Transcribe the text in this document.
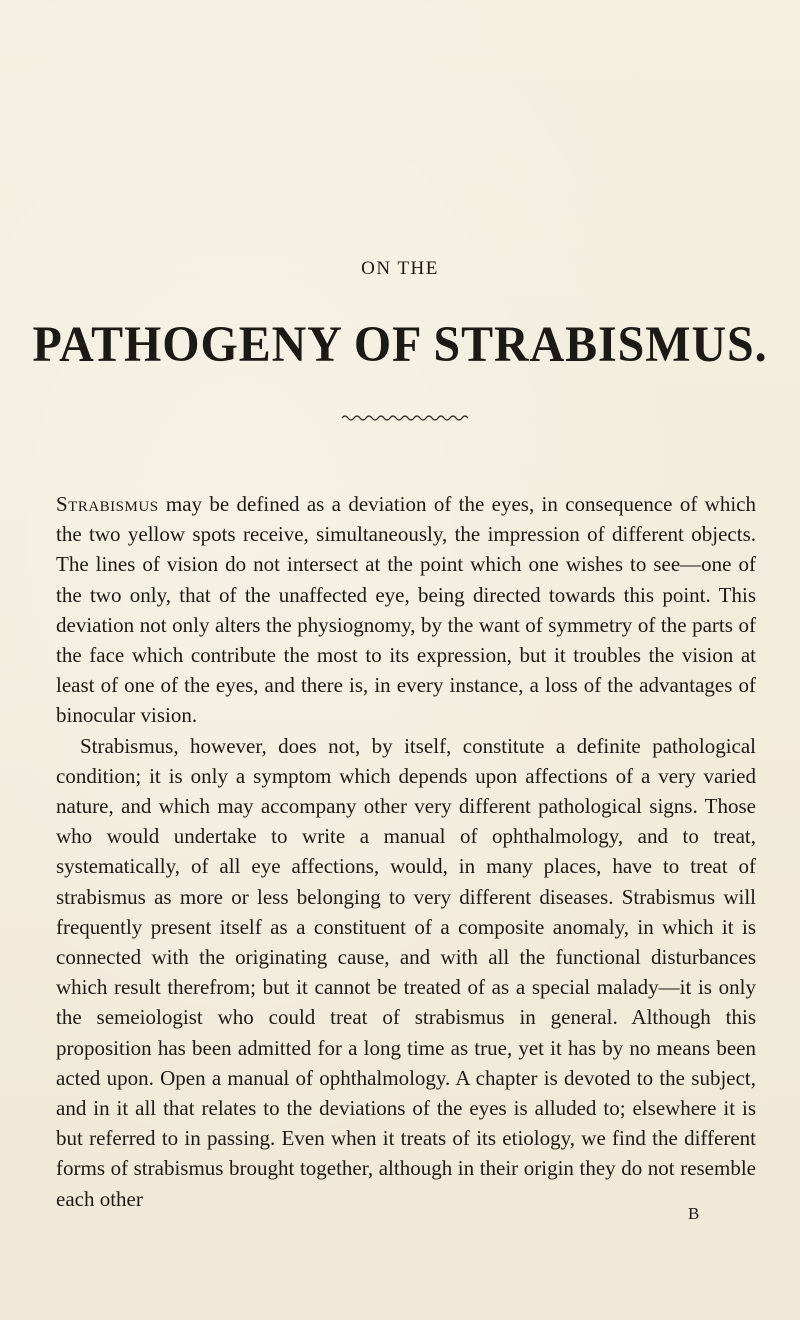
ON THE
PATHOGENY OF STRABISMUS.

Strabismus may be defined as a deviation of the eyes, in consequence of which the two yellow spots receive, simultaneously, the impression of different objects. The lines of vision do not intersect at the point which one wishes to see—one of the two only, that of the unaffected eye, being directed towards this point. This deviation not only alters the physiognomy, by the want of symmetry of the parts of the face which contribute the most to its expression, but it troubles the vision at least of one of the eyes, and there is, in every instance, a loss of the advantages of binocular vision.

Strabismus, however, does not, by itself, constitute a definite pathological condition; it is only a symptom which depends upon affections of a very varied nature, and which may accompany other very different pathological signs. Those who would undertake to write a manual of ophthalmology, and to treat, systematically, of all eye affections, would, in many places, have to treat of strabismus as more or less belonging to very different diseases. Strabismus will frequently present itself as a constituent of a composite anomaly, in which it is connected with the originating cause, and with all the functional disturbances which result therefrom; but it cannot be treated of as a special malady—it is only the semeiologist who could treat of strabismus in general. Although this proposition has been admitted for a long time as true, yet it has by no means been acted upon. Open a manual of ophthalmology. A chapter is devoted to the subject, and in it all that relates to the deviations of the eyes is alluded to; elsewhere it is but referred to in passing. Even when it treats of its etiology, we find the different forms of strabismus brought together, although in their origin they do not resemble each other

B
